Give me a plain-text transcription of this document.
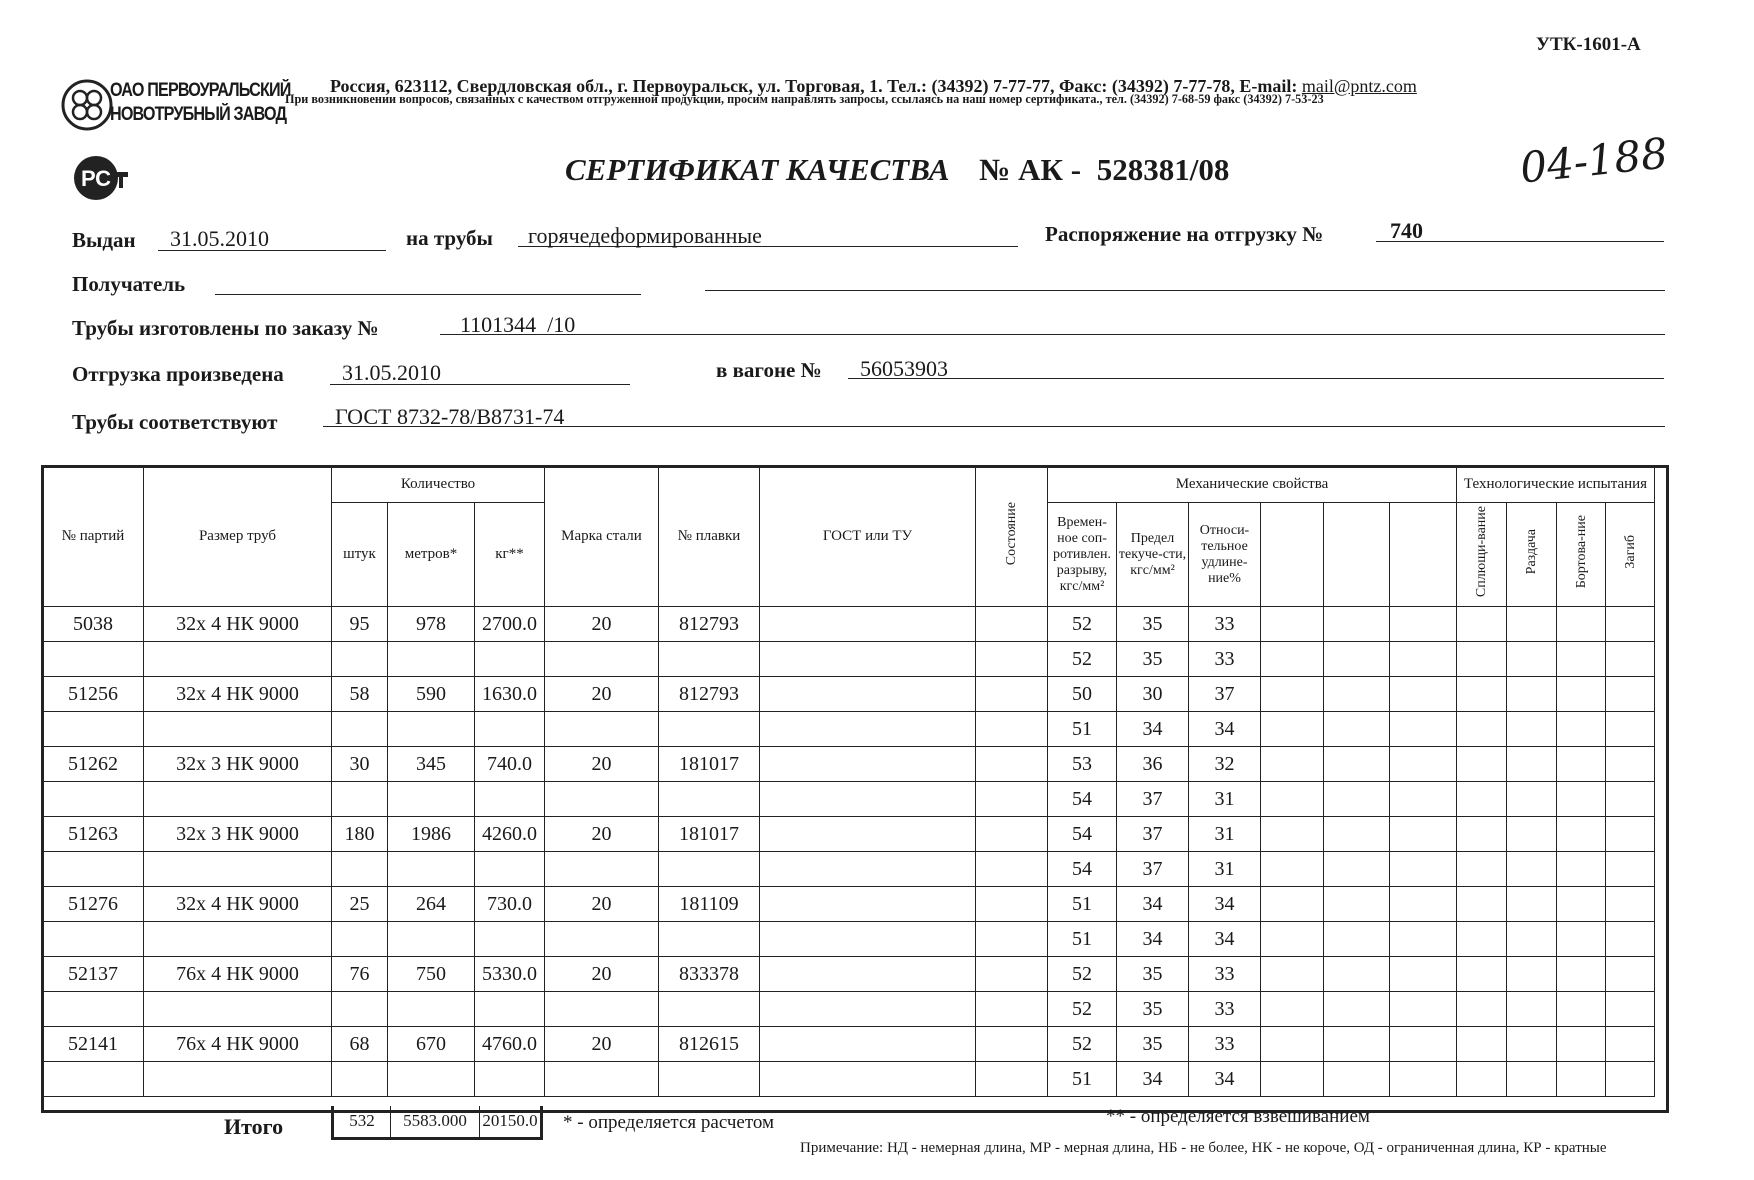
УТК-1601-А
ОАО ПЕРВОУРАЛЬСКИЙ
НОВОТРУБНЫЙ ЗАВОД
Россия, 623112, Свердловская обл., г. Первоуральск, ул. Торговая, 1. Тел.: (34392) 7-77-77, Факс: (34392) 7-77-78, E-mail: mail@pntz.com
При возникновении вопросов, связанных с качеством отгруженной продукции, просим направлять запросы, ссылаясь на наш номер сертификата., тел. (34392) 7-68-59 факс (34392) 7-53-23
РС	СЕРТИФИКАТ КАЧЕСТВА № АК - 528381/08	04-188
Выдан 31.05.2010	на трубы горячедеформированные	Распоряжение на отгрузку №	740
Получатель
Трубы изготовлены по заказу №	1101344  /10
Отгрузка произведена	31.05.2010	в вагоне № 56053903
Трубы соответствуют	ГОСТ 8732-78/В8731-74
№ партий	Размер труб	Количество			Марка стали	№ плавки	ГОСТ или ТУ	Состояние	Механические свойства						Технологические испытания			
		штук	метров*	кг**					Времен-ное соп-ротивлен. разрыву, кгс/мм²	Предел текуче-сти, кгс/мм²	Относи-тельное удлине-ние%				Сплющи-вание	Раздача	Бортова-ние	Загиб
5038	32x 4 НК 9000	95	978	2700.0	20	812793			52	35	33							
									52	35	33							
51256	32x 4 НК 9000	58	590	1630.0	20	812793			50	30	37							
									51	34	34							
51262	32x 3 НК 9000	30	345	740.0	20	181017			53	36	32							
									54	37	31							
51263	32x 3 НК 9000	180	1986	4260.0	20	181017			54	37	31							
									54	37	31							
51276	32x 4 НК 9000	25	264	730.0	20	181109			51	34	34							
									51	34	34							
52137	76x 4 НК 9000	76	750	5330.0	20	833378			52	35	33							
									52	35	33							
52141	76x 4 НК 9000	68	670	4760.0	20	812615			52	35	33							
									51	34	34							
Итого	532	5583.000 20150.0 * - определяется расчетом	** - определяется взвешиванием
Примечание: НД - немерная длина, МР - мерная длина, НБ - не более, НК - не короче, ОД - ограниченная длина, КР - кратные
